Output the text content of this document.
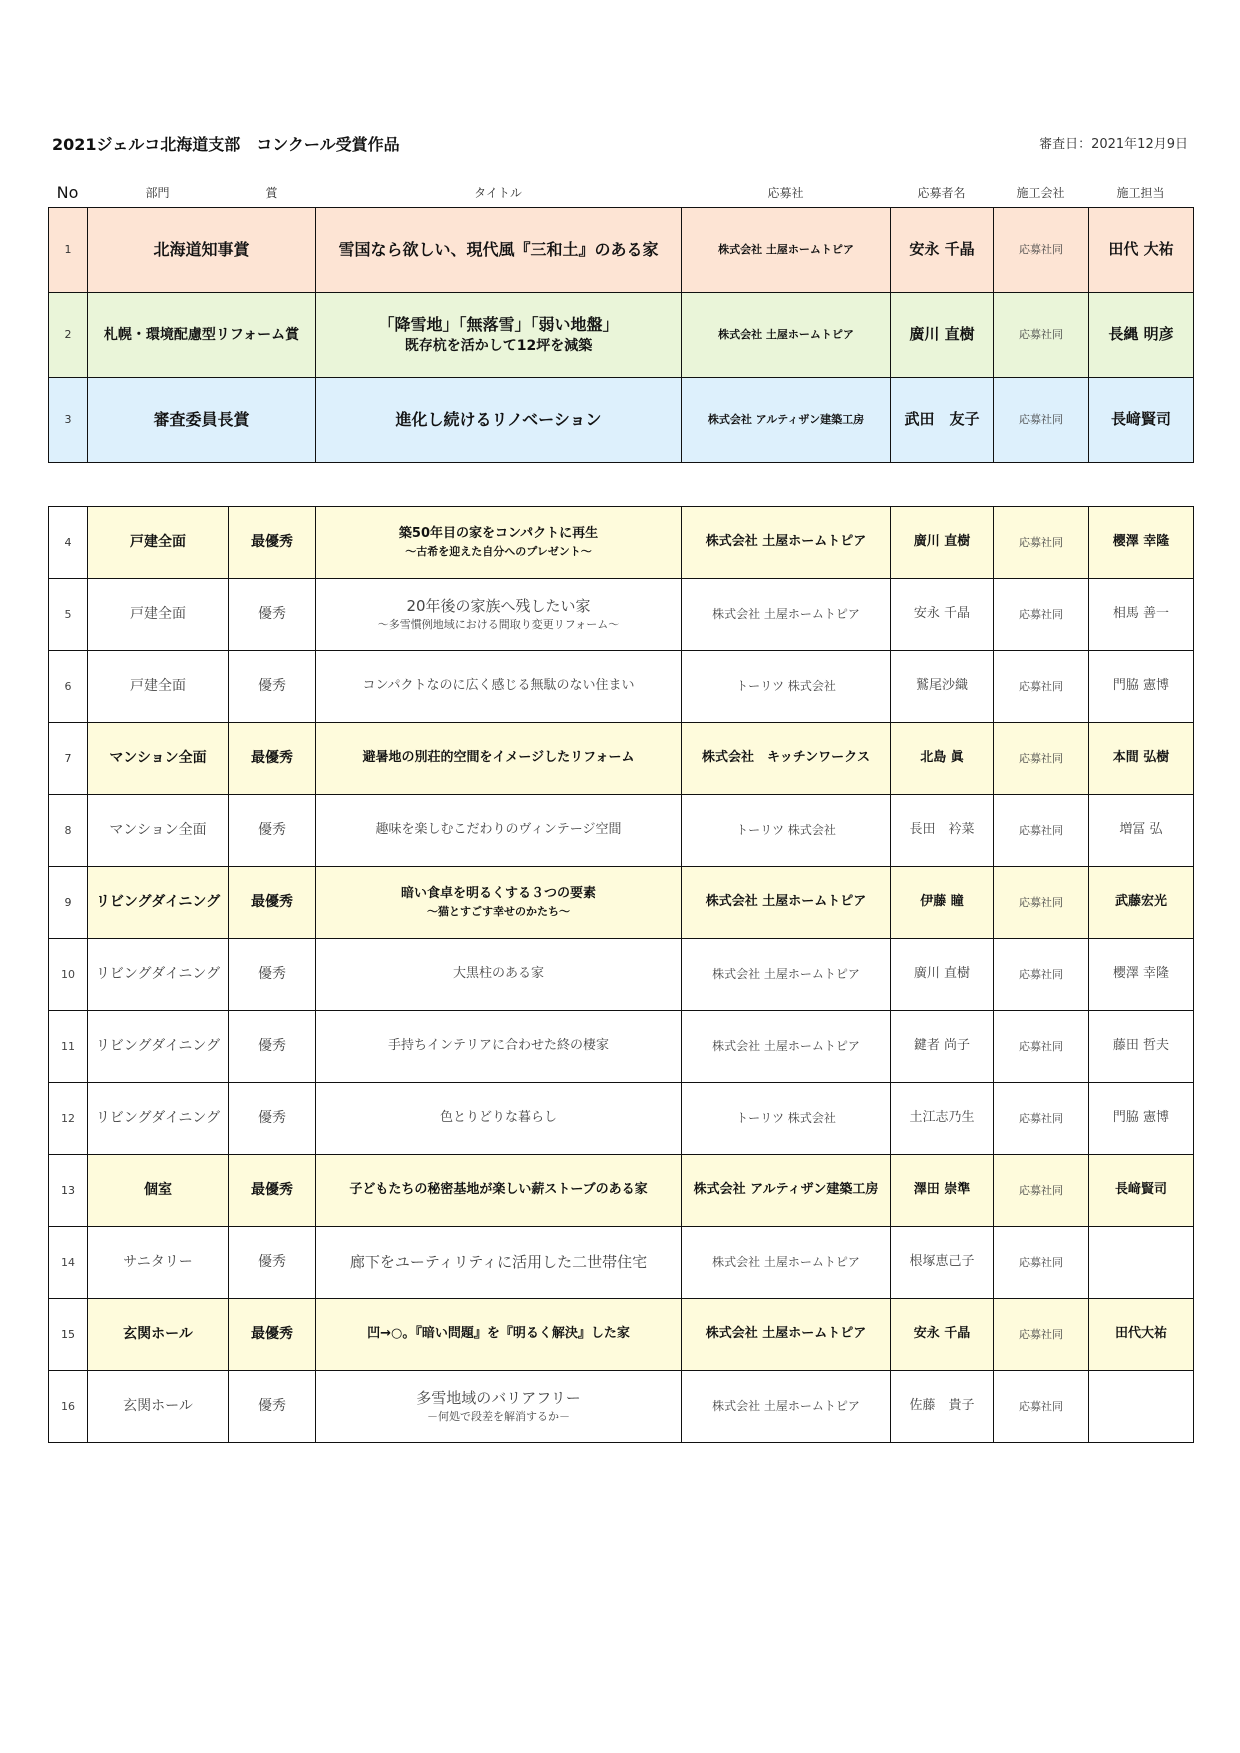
2021ジェルコ北海道支部　コンクール受賞作品	審査日：2021年12月9日
No	部門	賞	タイトル	応募社	応募者名	施工会社	施工担当
1	北海道知事賞	雪国なら欲しい、現代風『三和土』のある家	株式会社 土屋ホームトピア	安永 千晶	応募社同	田代 大祐
2	札幌・環境配慮型リフォーム賞	「降雪地」「無落雪」「弱い地盤」
既存杭を活かして12坪を減築	株式会社 土屋ホームトピア	廣川 直樹	応募社同	長縄 明彦
3	審査委員長賞	進化し続けるリノベーション	株式会社 アルティザン建築工房	武田　友子	応募社同	長﨑賢司
4	戸建全面	最優秀	築50年目の家をコンパクトに再生
～古希を迎えた自分へのプレゼント～	株式会社 土屋ホームトピア	廣川 直樹	応募社同	櫻澤 幸隆
5	戸建全面	優秀	20年後の家族へ残したい家
～多雪慣例地域における間取り変更リフォーム～	株式会社 土屋ホームトピア	安永 千晶	応募社同	相馬 善一
6	戸建全面	優秀	コンパクトなのに広く感じる無駄のない住まい	トーリツ 株式会社	鷲尾沙織	応募社同	門脇 憲博
7	マンション全面	最優秀	避暑地の別荘的空間をイメージしたリフォーム	株式会社　キッチンワークス	北島 眞	応募社同	本間 弘樹
8	マンション全面	優秀	趣味を楽しむこだわりのヴィンテージ空間	トーリツ 株式会社	長田　衿菜	応募社同	増冨 弘
9	リビングダイニング	最優秀	暗い食卓を明るくする３つの要素
～猫とすごす幸せのかたち～	株式会社 土屋ホームトピア	伊藤 瞳	応募社同	武藤宏光
10	リビングダイニング	優秀	大黒柱のある家	株式会社 土屋ホームトピア	廣川 直樹	応募社同	櫻澤 幸隆
11	リビングダイニング	優秀	手持ちインテリアに合わせた終の棲家	株式会社 土屋ホームトピア	鍵者 尚子	応募社同	藤田 哲夫
12	リビングダイニング	優秀	色とりどりな暮らし	トーリツ 株式会社	土江志乃生	応募社同	門脇 憲博
13	個室	最優秀	子どもたちの秘密基地が楽しい薪ストーブのある家	株式会社 アルティザン建築工房	澤田 崇準	応募社同	長﨑賢司
14	サニタリー	優秀	廊下をユーティリティに活用した二世帯住宅	株式会社 土屋ホームトピア	根塚恵己子	応募社同	
15	玄関ホール	最優秀	凹→○。『暗い問題』を『明るく解決』した家	株式会社 土屋ホームトピア	安永 千晶	応募社同	田代大祐
16	玄関ホール	優秀	多雪地域のバリアフリー
－何処で段差を解消するか－	株式会社 土屋ホームトピア	佐藤　貴子	応募社同	
